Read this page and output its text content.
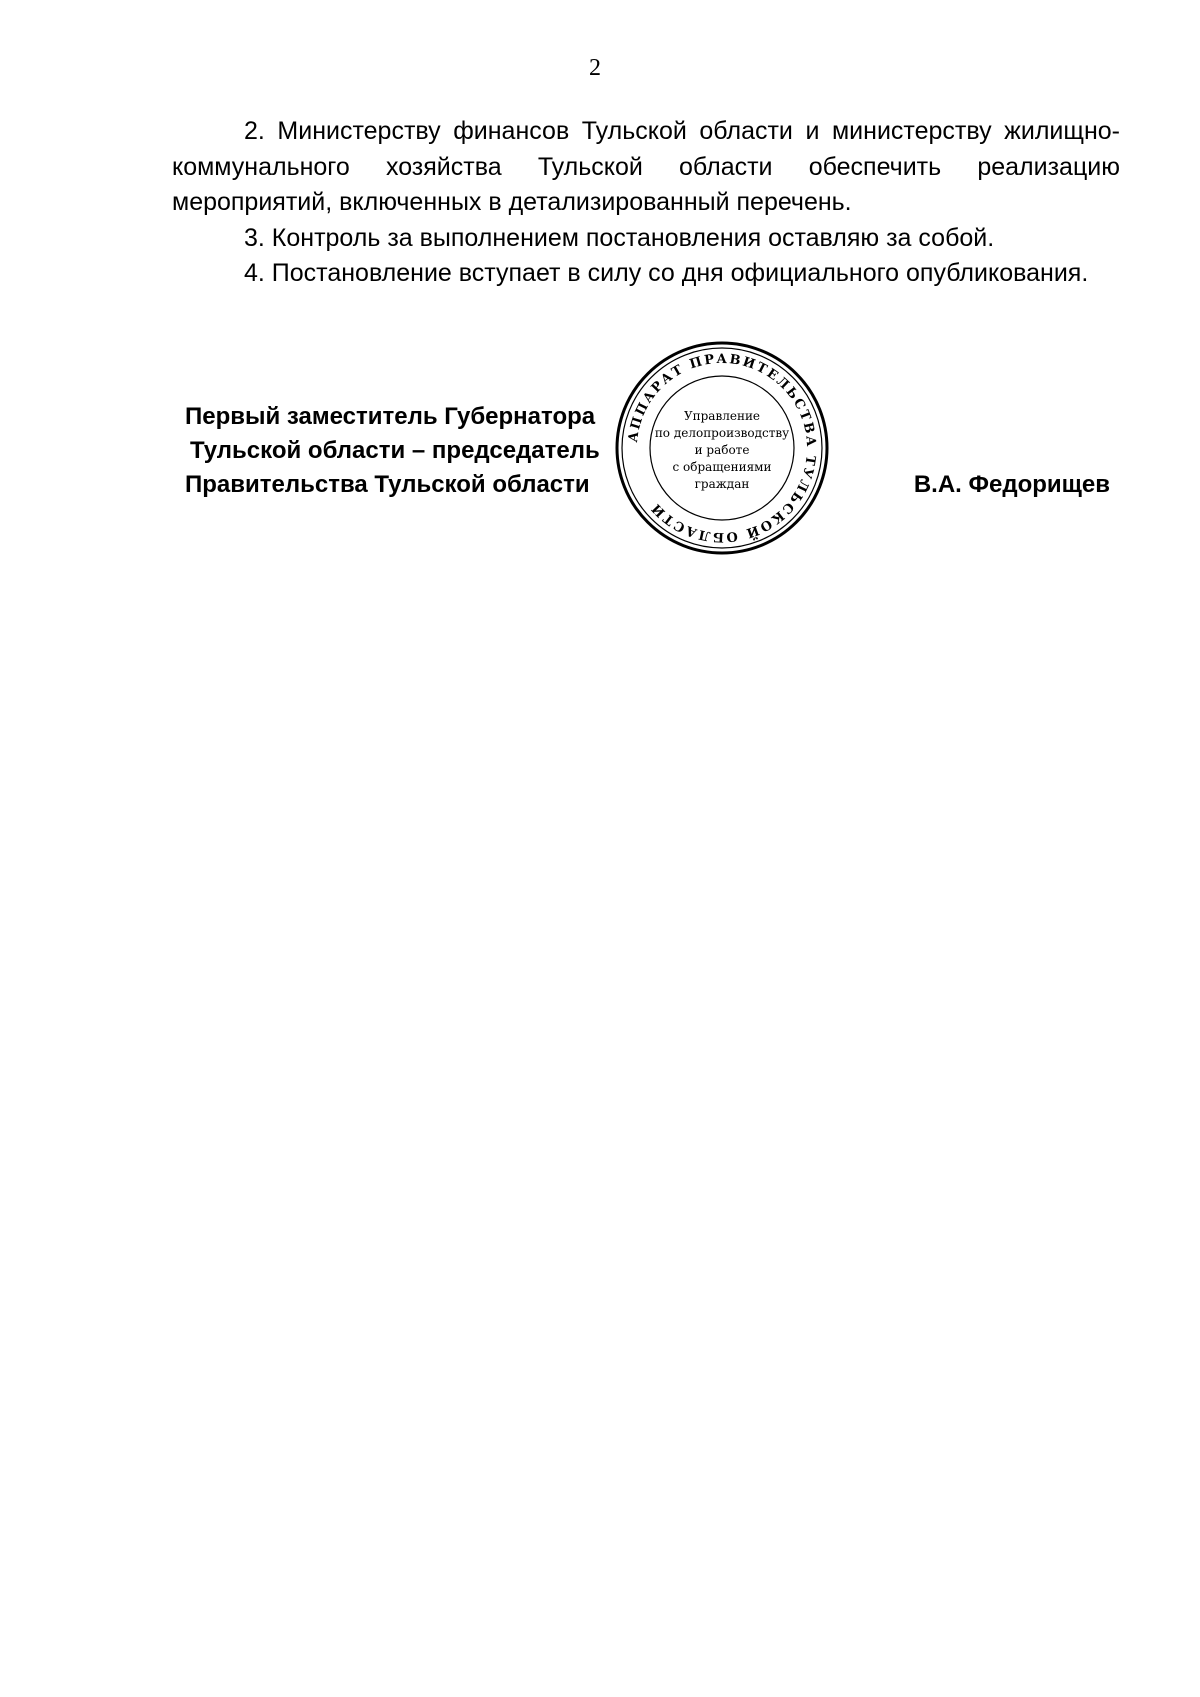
2

2. Министерству финансов Тульской области и министерству жилищно-коммунального хозяйства Тульской области обеспечить реализацию мероприятий, включенных в детализированный перечень.

3. Контроль за выполнением постановления оставляю за собой.

4. Постановление вступает в силу со дня официального опубликования.

Первый заместитель Губернатора
Тульской области – председатель
Правительства Тульской области	В.А. Федорищев
АППАРАТ ПРАВИТЕЛЬСТВА ТУЛЬСКОЙ ОБЛАСТИ
Управление
по делопроизводству
и работе
с обращениями
граждан
